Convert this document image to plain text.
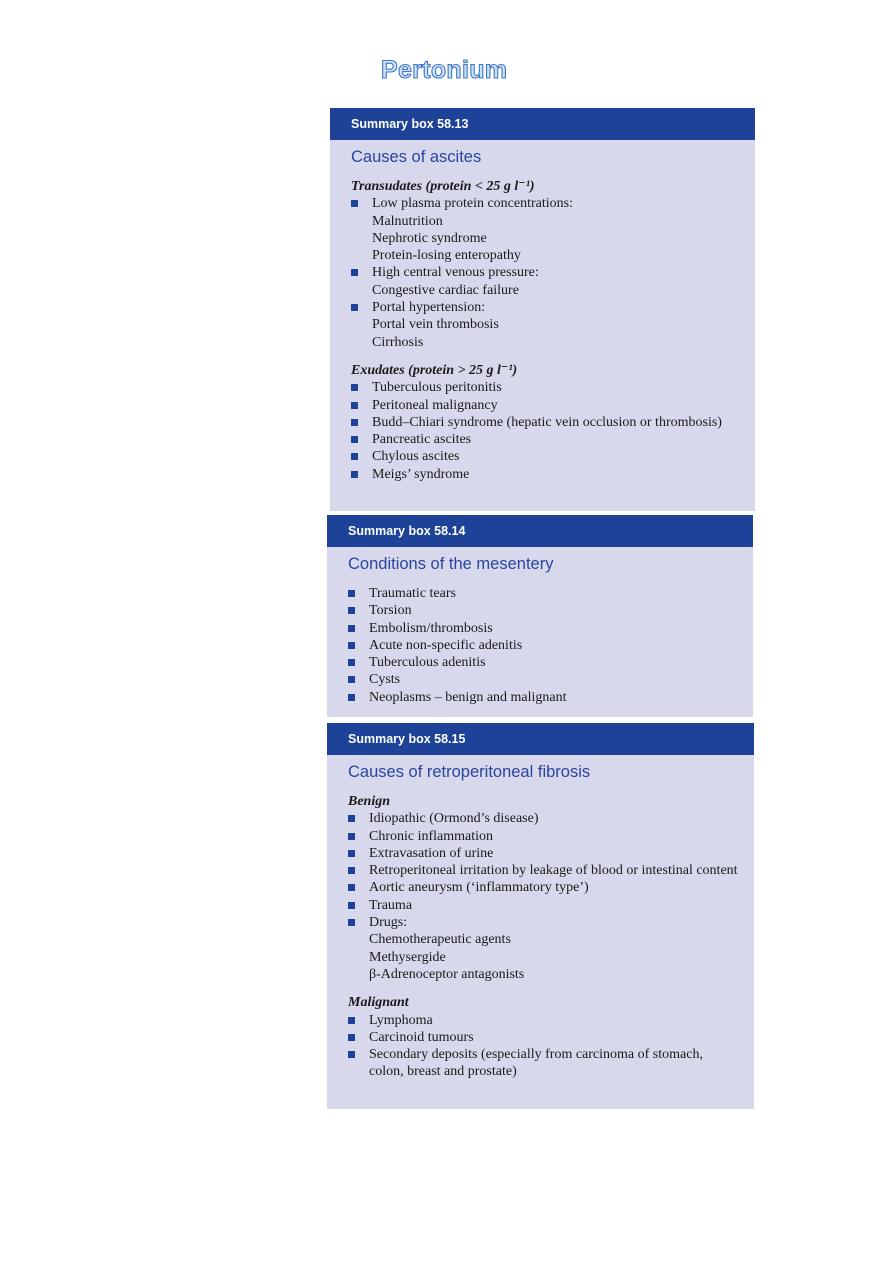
Pertonium
Summary box 58.13
Causes of ascites
Transudates (protein < 25 g l⁻¹)
Low plasma protein concentrations:
Malnutrition
Nephrotic syndrome
Protein-losing enteropathy
High central venous pressure:
Congestive cardiac failure
Portal hypertension:
Portal vein thrombosis
Cirrhosis
Exudates (protein > 25 g l⁻¹)
Tuberculous peritonitis
Peritoneal malignancy
Budd–Chiari syndrome (hepatic vein occlusion or thrombosis)
Pancreatic ascites
Chylous ascites
Meigs’ syndrome
Summary box 58.14
Conditions of the mesentery
Traumatic tears
Torsion
Embolism/thrombosis
Acute non-specific adenitis
Tuberculous adenitis
Cysts
Neoplasms – benign and malignant
Summary box 58.15
Causes of retroperitoneal fibrosis
Benign
Idiopathic (Ormond’s disease)
Chronic inflammation
Extravasation of urine
Retroperitoneal irritation by leakage of blood or intestinal content
Aortic aneurysm (‘inflammatory type’)
Trauma
Drugs:
Chemotherapeutic agents
Methysergide
β-Adrenoceptor antagonists
Malignant
Lymphoma
Carcinoid tumours
Secondary deposits (especially from carcinoma of stomach, colon, breast and prostate)
